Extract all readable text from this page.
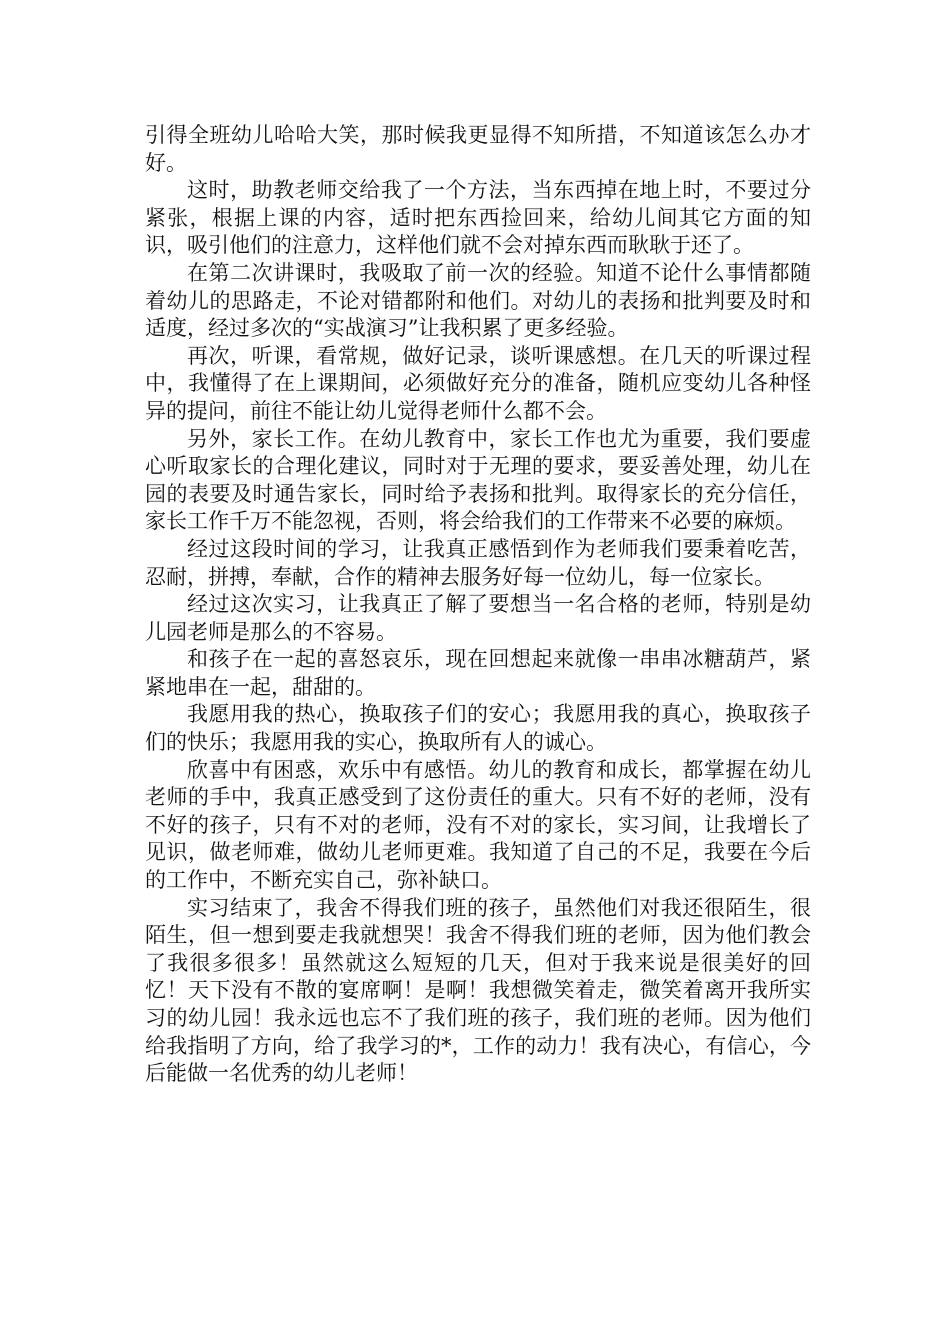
引得全班幼儿哈哈大笑，那时候我更显得不知所措，不知道该怎么办才好。

这时，助教老师交给我了一个方法，当东西掉在地上时，不要过分紧张，根据上课的内容，适时把东西捡回来，给幼儿间其它方面的知识，吸引他们的注意力，这样他们就不会对掉东西而耿耿于还了。

在第二次讲课时，我吸取了前一次的经验。知道不论什么事情都随着幼儿的思路走，不论对错都附和他们。对幼儿的表扬和批判要及时和适度，经过多次的“实战演习”让我积累了更多经验。

再次，听课，看常规，做好记录，谈听课感想。在几天的听课过程中，我懂得了在上课期间，必须做好充分的准备，随机应变幼儿各种怪异的提问，前往不能让幼儿觉得老师什么都不会。

另外，家长工作。在幼儿教育中，家长工作也尤为重要，我们要虚心听取家长的合理化建议，同时对于无理的要求，要妥善处理，幼儿在园的表要及时通告家长，同时给予表扬和批判。取得家长的充分信任，家长工作千万不能忽视，否则，将会给我们的工作带来不必要的麻烦。

经过这段时间的学习，让我真正感悟到作为老师我们要秉着吃苦，忍耐，拼搏，奉献，合作的精神去服务好每一位幼儿，每一位家长。

经过这次实习，让我真正了解了要想当一名合格的老师，特别是幼儿园老师是那么的不容易。

和孩子在一起的喜怒哀乐，现在回想起来就像一串串冰糖葫芦，紧紧地串在一起，甜甜的。

我愿用我的热心，换取孩子们的安心；我愿用我的真心，换取孩子们的快乐；我愿用我的实心，换取所有人的诚心。

欣喜中有困惑，欢乐中有感悟。幼儿的教育和成长，都掌握在幼儿老师的手中，我真正感受到了这份责任的重大。只有不好的老师，没有不好的孩子，只有不对的老师，没有不对的家长，实习间，让我增长了见识，做老师难，做幼儿老师更难。我知道了自己的不足，我要在今后的工作中，不断充实自己，弥补缺口。

实习结束了，我舍不得我们班的孩子，虽然他们对我还很陌生，很陌生，但一想到要走我就想哭！我舍不得我们班的老师，因为他们教会了我很多很多！虽然就这么短短的几天，但对于我来说是很美好的回忆！天下没有不散的宴席啊！是啊！我想微笑着走，微笑着离开我所实习的幼儿园！我永远也忘不了我们班的孩子，我们班的老师。因为他们给我指明了方向，给了我学习的*，工作的动力！我有决心，有信心，今后能做一名优秀的幼儿老师！
